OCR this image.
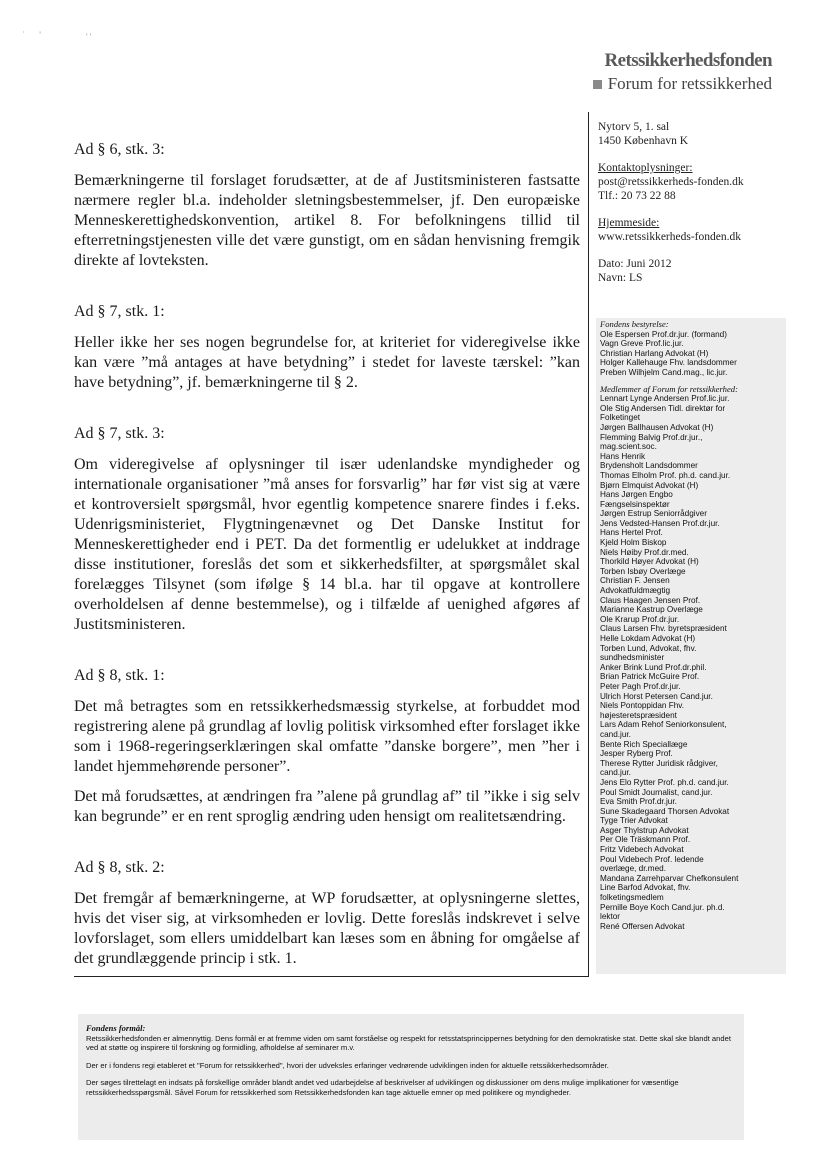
˙ '	' '
Retssikkerhedsfonden
Forum for retssikkerhed

Ad § 6, stk. 3:

Bemærkningerne til forslaget forudsætter, at de af Justitsministeren fastsatte nærmere regler bl.a. indeholder sletningsbestemmelser, jf. Den europæiske Menneskerettighedskonvention, artikel 8. For befolkningens tillid til efterretningstjenesten ville det være gunstigt, om en sådan henvisning fremgik direkte af lovteksten.

Ad § 7, stk. 1:

Heller ikke her ses nogen begrundelse for, at kriteriet for videregivelse ikke kan være ”må antages at have betydning” i stedet for laveste tærskel: ”kan have betydning”, jf. bemærkningerne til § 2.

Ad § 7, stk. 3:

Om videregivelse af oplysninger til især udenlandske myndigheder og internationale organisationer ”må anses for forsvarlig” har før vist sig at være et kontroversielt spørgsmål, hvor egentlig kompetence snarere findes i f.eks. Udenrigsministeriet, Flygtningenævnet og Det Danske Institut for Menneskerettigheder end i PET. Da det formentlig er udelukket at inddrage disse institutioner, foreslås det som et sikkerhedsfilter, at spørgsmålet skal forelægges Tilsynet (som ifølge § 14 bl.a. har til opgave at kontrollere overholdelsen af denne bestemmelse), og i tilfælde af uenighed afgøres af Justitsministeren.

Ad § 8, stk. 1:

Det må betragtes som en retssikkerhedsmæssig styrkelse, at forbuddet mod registrering alene på grundlag af lovlig politisk virksomhed efter forslaget ikke som i 1968-regeringserklæringen skal omfatte ”danske borgere”, men ”her i landet hjemmehørende personer”.

Det må forudsættes, at ændringen fra ”alene på grundlag af” til ”ikke i sig selv kan begrunde” er en rent sproglig ændring uden hensigt om realitetsændring.

Ad § 8, stk. 2:

Det fremgår af bemærkningerne, at WP forudsætter, at oplysningerne slettes, hvis det viser sig, at virksomheden er lovlig. Dette foreslås indskrevet i selve lovforslaget, som ellers umiddelbart kan læses som en åbning for omgåelse af det grundlæggende princip i stk. 1.

Nytorv 5, 1. sal
1450 København K
Kontaktoplysninger:
post@retssikkerheds-fonden.dk
Tlf.: 20 73 22 88
Hjemmeside:
www.retssikkerheds-fonden.dk
Dato: Juni 2012
Navn: LS
Fondens bestyrelse:
Ole Espersen Prof.dr.jur. (formand)
Vagn Greve Prof.lic.jur.
Christian Harlang Advokat (H)
Holger Kallehauge Fhv. landsdommer
Preben Wilhjelm Cand.mag., lic.jur.
Medlemmer af Forum for retssikkerhed:
Lennart Lynge Andersen Prof.lic.jur.
Ole Stig Andersen Tidl. direktør for
Folketinget
Jørgen Ballhausen Advokat (H)
Flemming Balvig Prof.dr.jur.,
mag.scient.soc.
Hans Henrik
Brydensholt Landsdommer
Thomas Elholm Prof. ph.d. cand.jur.
Bjørn Elmquist Advokat (H)
Hans Jørgen Engbo
Fængselsinspektør
Jørgen Estrup Seniorrådgiver
Jens Vedsted-Hansen Prof.dr.jur.
Hans Hertel Prof.
Kjeld Holm Biskop
Niels Høiby Prof.dr.med.
Thorkild Høyer Advokat (H)
Torben Isbøy Overlæge
Christian F. Jensen
Advokatfuldmægtig
Claus Haagen Jensen Prof.
Marianne Kastrup Overlæge
Ole Krarup Prof.dr.jur.
Claus Larsen Fhv. byretspræsident
Helle Lokdam Advokat (H)
Torben Lund, Advokat, fhv.
sundhedsminister
Anker Brink Lund Prof.dr.phil.
Brian Patrick McGuire Prof.
Peter Pagh Prof.dr.jur.
Ulrich Horst Petersen Cand.jur.
Niels Pontoppidan Fhv.
højesteretspræsident
Lars Adam Rehof Seniorkonsulent,
cand.jur.
Bente Rich Speciallæge
Jesper Ryberg Prof.
Therese Rytter Juridisk rådgiver,
cand.jur.
Jens Elo Rytter Prof. ph.d. cand.jur.
Poul Smidt Journalist, cand.jur.
Eva Smith Prof.dr.jur.
Sune Skadegaard Thorsen Advokat
Tyge Trier Advokat
Asger Thylstrup Advokat
Per Ole Träskmann Prof.
Fritz Videbech Advokat
Poul Videbech Prof. ledende
overlæge, dr.med.
Mandana Zarrehparvar Chefkonsulent
Line Barfod Advokat, fhv.
folketingsmedlem
Pernille Boye Koch Cand.jur. ph.d.
lektor
René Offersen Advokat
Fondens formål:

Retssikkerhedsfonden er almennyttig. Dens formål er at fremme viden om samt forståelse og respekt for retsstatsprincippernes betydning for den demokratiske stat. Dette skal ske blandt andet ved at støtte og inspirere til forskning og formidling, afholdelse af seminarer m.v.

Der er i fondens regi etableret et "Forum for retssikkerhed", hvori der udveksles erfaringer vedrørende udviklingen inden for aktuelle retssikkerhedsområder.

Der søges tilrettelagt en indsats på forskellige områder blandt andet ved udarbejdelse af beskrivelser af udviklingen og diskussioner om dens mulige implikationer for væsentlige retssikkerhedsspørgsmål. Såvel Forum for retssikkerhed som Retssikkerhedsfonden kan tage aktuelle emner op med politikere og myndigheder.
